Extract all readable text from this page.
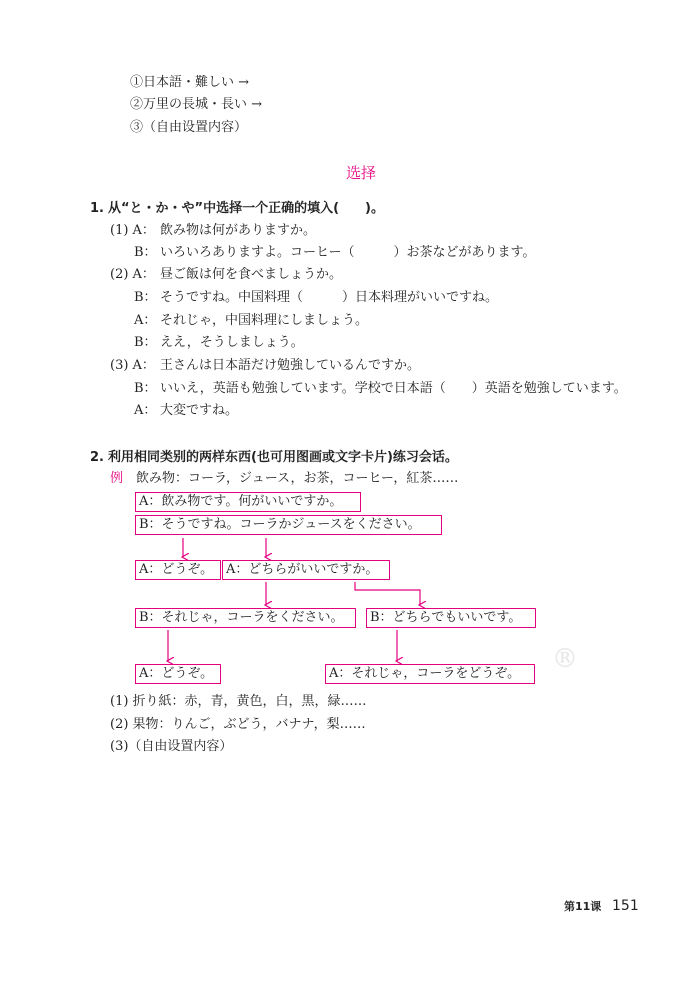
①日本語・難しい →
②万里の長城・長い →
③（自由设置内容）
选择
1. 从“と・か・や”中选择一个正确的填入(　　)。
(1) A： 飲み物は何がありますか。
B： いろいろありますよ。コーヒー（　　　）お茶などがあります。
(2) A： 昼ご飯は何を食べましょうか。
B： そうですね。中国料理（　　　）日本料理がいいですね。
A： それじゃ，中国料理にしましょう。
B： ええ，そうしましょう。
(3) A： 王さんは日本語だけ勉強しているんですか。
B： いいえ，英語も勉強しています。学校で日本語（　　）英語を勉強しています。
A： 大変ですね。
2. 利用相同类别的两样东西(也可用图画或文字卡片)练习会话。
例 飲み物：コーラ，ジュース，お茶，コーヒー，紅茶……
A：飲み物です。何がいいですか。
B：そうですね。コーラかジュースをください。
A：どうぞ。 A：どちらがいいですか。
B：それじゃ，コーラをください。	B：どちらでもいいです。
A：どうぞ。	A：それじゃ，コーラをどうぞ。	®
(1) 折り紙：赤，青，黄色，白，黒，緑……
(2) 果物：りんご，ぶどう，バナナ，梨……
(3)（自由设置内容）
第11课 151
